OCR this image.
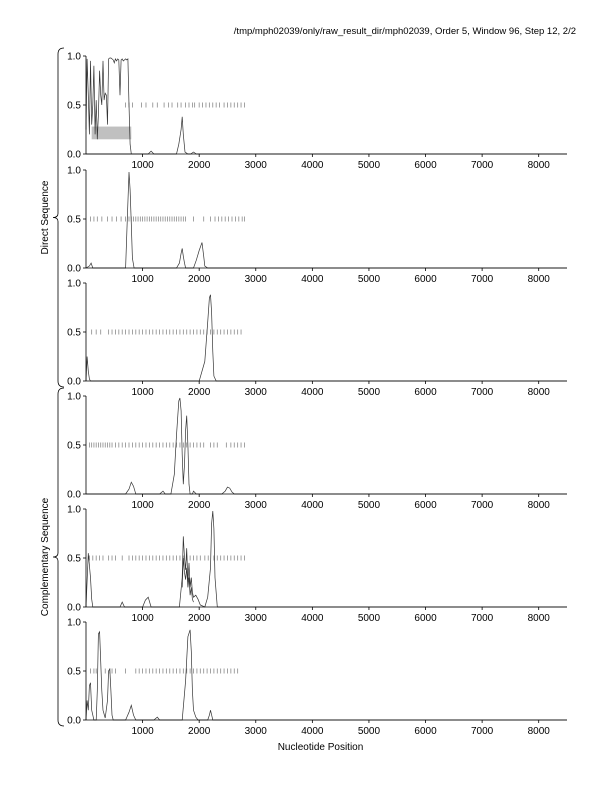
/tmp/mph02039/only/raw_result_dir/mph02039, Order 5, Window 96, Step 12, 2/2
0.0
0.5
1.0
1000	2000	3000	4000	5000	6000	7000	8000
0.0
0.5
1.0
1000	2000	3000	4000	5000	6000	7000	8000
0.0
0.5
1.0
1000	2000	3000	4000	5000	6000	7000	8000
0.0
0.5
1.0
1000	2000	3000	4000	5000	6000	7000	8000
0.0
0.5
1.0
1000	2000	3000	4000	5000	6000	7000	8000
0.0
0.5
1.0
1000	2000	3000	4000	5000	6000	7000	8000
Direct Sequence
Complementary Sequence
Nucleotide Position
